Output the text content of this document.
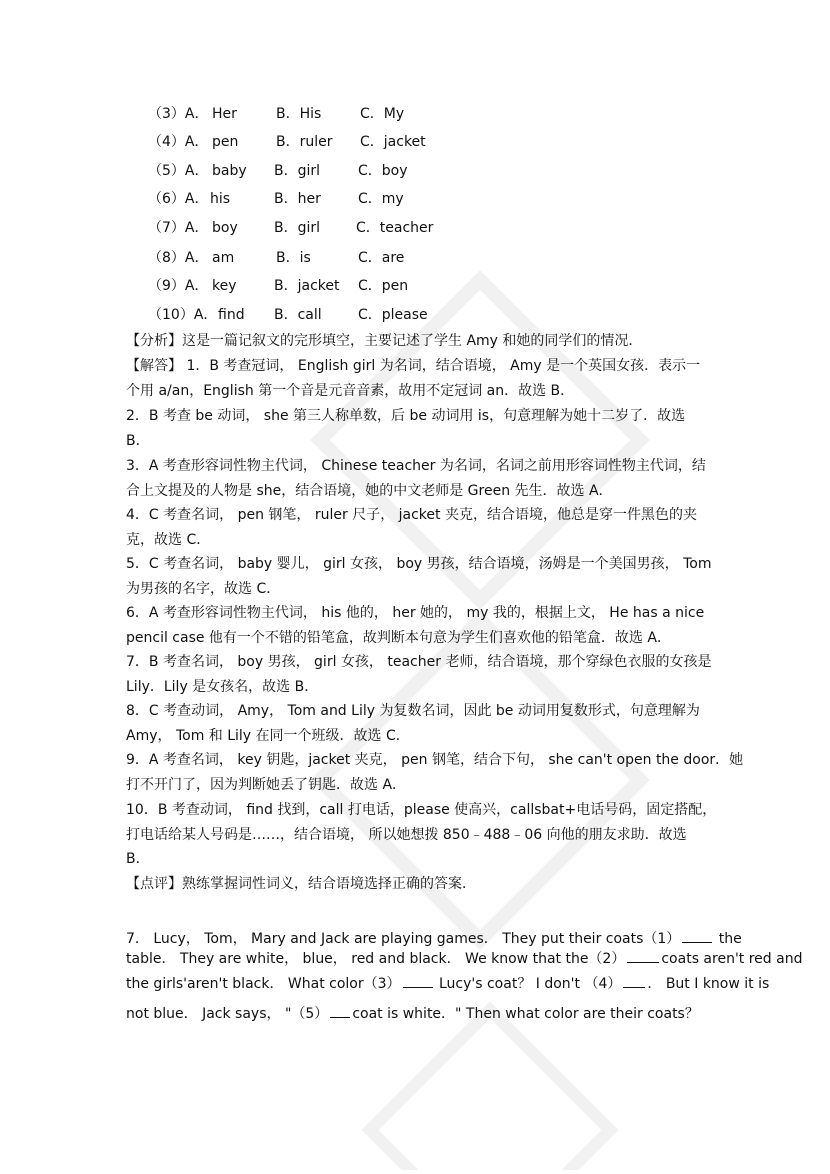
（3）A． Her	B．His	C．My
（4）A． pen	B．ruler C．jacket
（5）A． baby B．girl	C．boy
（6）A． his	B．her	C．my
（7）A． boy	B．girl	C．teacher
（8）A． am	B．is	C．are
（9）A． key	B．jacket C．pen
（10）A． find B．call	C．please
【分析】这是一篇记叙文的完形填空，主要记述了学生 Amy 和她的同学们的情况．
【解答】 1．B 考查冠词， English girl 为名词，结合语境， Amy 是一个英国女孩．表示一
个用 a/an，English 第一个音是元音音素，故用不定冠词 an．故选 B．
2．B 考查 be 动词， she 第三人称单数，后 be 动词用 is，句意理解为她十二岁了．故选
B．
3．A 考查形容词性物主代词， Chinese teacher 为名词，名词之前用形容词性物主代词，结
合上文提及的人物是 she，结合语境，她的中文老师是 Green 先生．故选 A．
4．C 考查名词， pen 钢笔， ruler 尺子， jacket 夹克，结合语境，他总是穿一件黑色的夹
克，故选 C．
5．C 考查名词， baby 婴儿， girl 女孩， boy 男孩，结合语境，汤姆是一个美国男孩， Tom
为男孩的名字，故选 C．
6．A 考查形容词性物主代词， his 他的， her 她的， my 我的，根据上文， He has a nice
pencil case 他有一个不错的铅笔盒，故判断本句意为学生们喜欢他的铅笔盒．故选 A．
7．B 考查名词， boy 男孩， girl 女孩， teacher 老师，结合语境，那个穿绿色衣服的女孩是
Lily．Lily 是女孩名，故选 B．
8．C 考查动词， Amy， Tom and Lily 为复数名词，因此 be 动词用复数形式，句意理解为
Amy， Tom 和 Lily 在同一个班级．故选 C．
9．A 考查名词， key 钥匙，jacket 夹克， pen 钢笔，结合下句， she can't open the door．她
打不开门了，因为判断她丢了钥匙．故选 A．
10．B 考查动词， find 找到，call 打电话，please 使高兴，callsbat+电话号码，固定搭配，
打电话给某人号码是……，结合语境， 所以她想拨 850﹣488﹣06 向他的朋友求助．故选
B．
【点评】熟练掌握词性词义，结合语境选择正确的答案．
7． Lucy， Tom， Mary and Jack are playing games． They put their coats（1） the
table． They are white， blue， red and black． We know that the（2）	coats aren't red and
the girls'aren't black． What color（3） Lucy's coat？ I don't （4） ． But I know it is
not blue． Jack says， "（5） coat is white．" Then what color are their coats？
